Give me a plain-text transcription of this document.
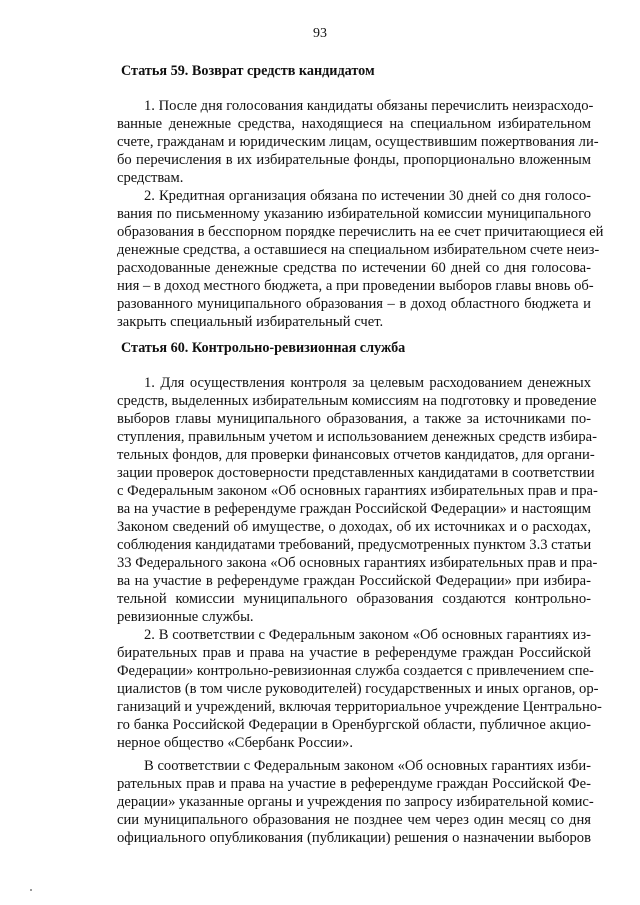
93
Статья 59. Возврат средств кандидатом
1. После дня голосования кандидаты обязаны перечислить неизрасходо-
ванные денежные средства, находящиеся на специальном избирательном
счете, гражданам и юридическим лицам, осуществившим пожертвования ли-
бо перечисления в их избирательные фонды, пропорционально вложенным
средствам.
2. Кредитная организация обязана по истечении 30 дней со дня голосо-
вания по письменному указанию избирательной комиссии муниципального
образования в бесспорном порядке перечислить на ее счет причитающиеся ей
денежные средства, а оставшиеся на специальном избирательном счете неиз-
расходованные денежные средства по истечении 60 дней со дня голосова-
ния – в доход местного бюджета, а при проведении выборов главы вновь об-
разованного муниципального образования – в доход областного бюджета и
закрыть специальный избирательный счет.
Статья 60. Контрольно-ревизионная служба
1. Для осуществления контроля за целевым расходованием денежных
средств, выделенных избирательным комиссиям на подготовку и проведение
выборов главы муниципального образования, а также за источниками по-
ступления, правильным учетом и использованием денежных средств избира-
тельных фондов, для проверки финансовых отчетов кандидатов, для органи-
зации проверок достоверности представленных кандидатами в соответствии
с Федеральным законом «Об основных гарантиях избирательных прав и пра-
ва на участие в референдуме граждан Российской Федерации» и настоящим
Законом сведений об имуществе, о доходах, об их источниках и о расходах,
соблюдения кандидатами требований, предусмотренных пунктом 3.3 статьи
33 Федерального закона «Об основных гарантиях избирательных прав и пра-
ва на участие в референдуме граждан Российской Федерации» при избира-
тельной комиссии муниципального образования создаются контрольно-
ревизионные службы.
2. В соответствии с Федеральным законом «Об основных гарантиях из-
бирательных прав и права на участие в референдуме граждан Российской
Федерации» контрольно-ревизионная служба создается с привлечением спе-
циалистов (в том числе руководителей) государственных и иных органов, ор-
ганизаций и учреждений, включая территориальное учреждение Центрально-
го банка Российской Федерации в Оренбургской области, публичное акцио-
нерное общество «Сбербанк России».
В соответствии с Федеральным законом «Об основных гарантиях изби-
рательных прав и права на участие в референдуме граждан Российской Фе-
дерации» указанные органы и учреждения по запросу избирательной комис-
сии муниципального образования не позднее чем через один месяц со дня
официального опубликования (публикации) решения о назначении выборов
